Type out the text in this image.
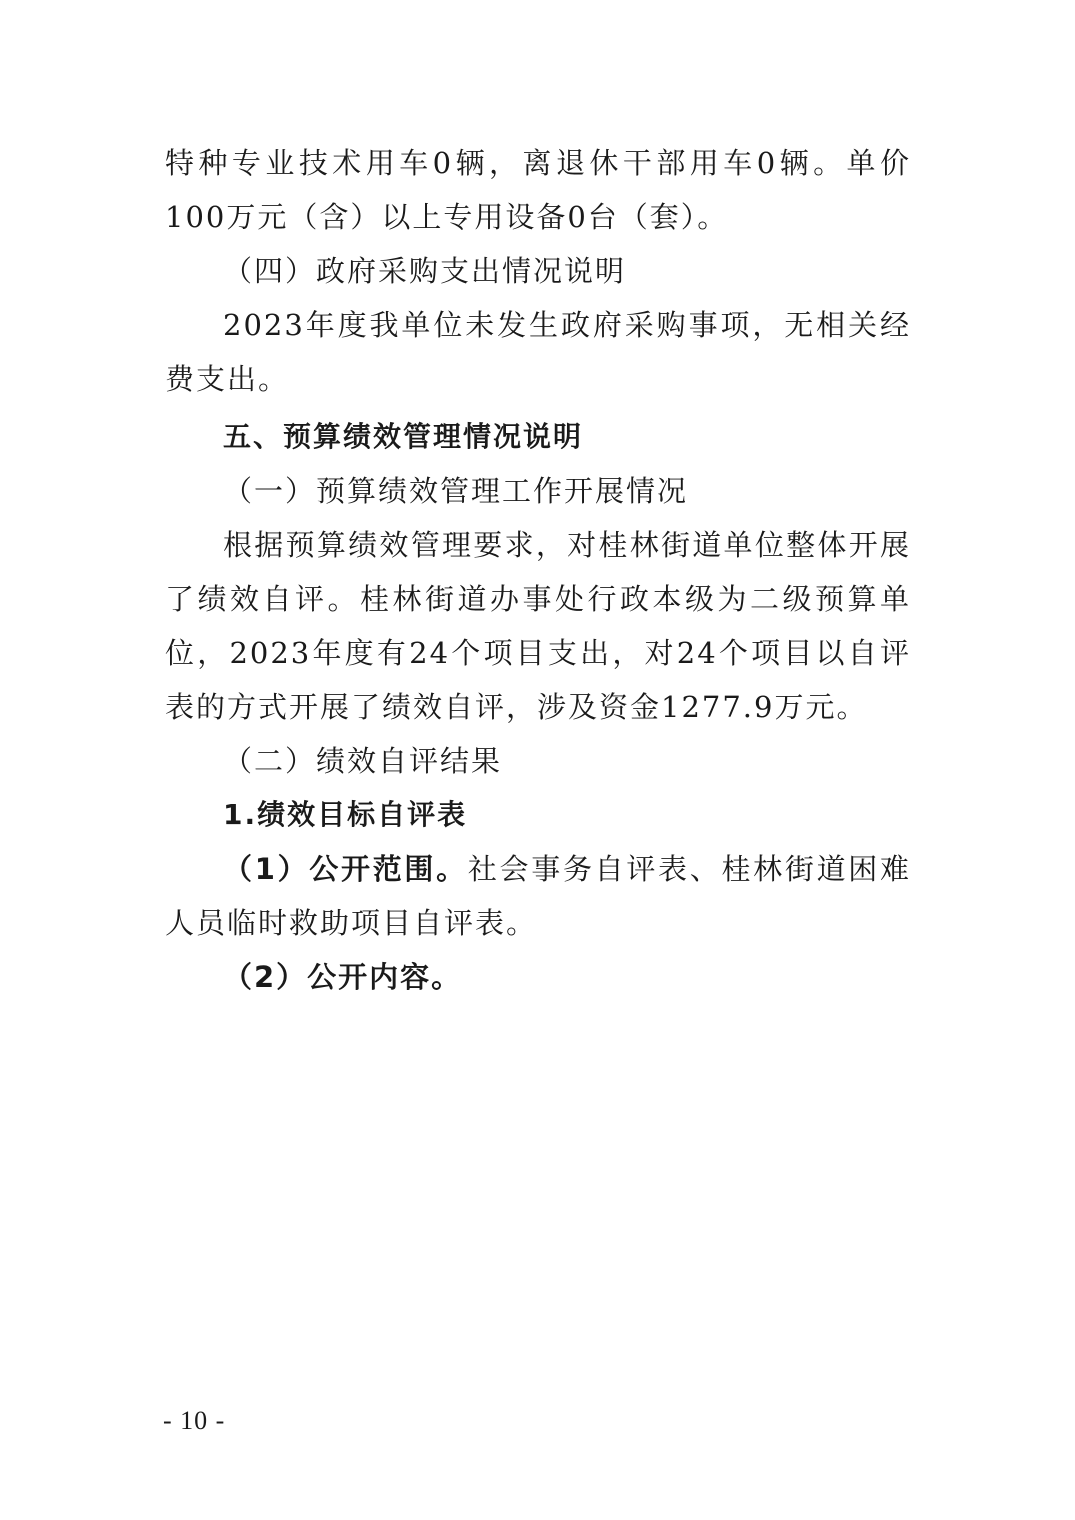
特种专业技术用车0辆，离退休干部用车0辆。单价100万元（含）以上专用设备0台（套）。

（四）政府采购支出情况说明

2023年度我单位未发生政府采购事项，无相关经费支出。

五、预算绩效管理情况说明

（一）预算绩效管理工作开展情况

根据预算绩效管理要求，对桂林街道单位整体开展了绩效自评。桂林街道办事处行政本级为二级预算单位，2023年度有24个项目支出，对24个项目以自评表的方式开展了绩效自评，涉及资金1277.9万元。

（二）绩效自评结果

1.绩效目标自评表

（1）公开范围。社会事务自评表、桂林街道困难人员临时救助项目自评表。

（2）公开内容。

- 10 -
